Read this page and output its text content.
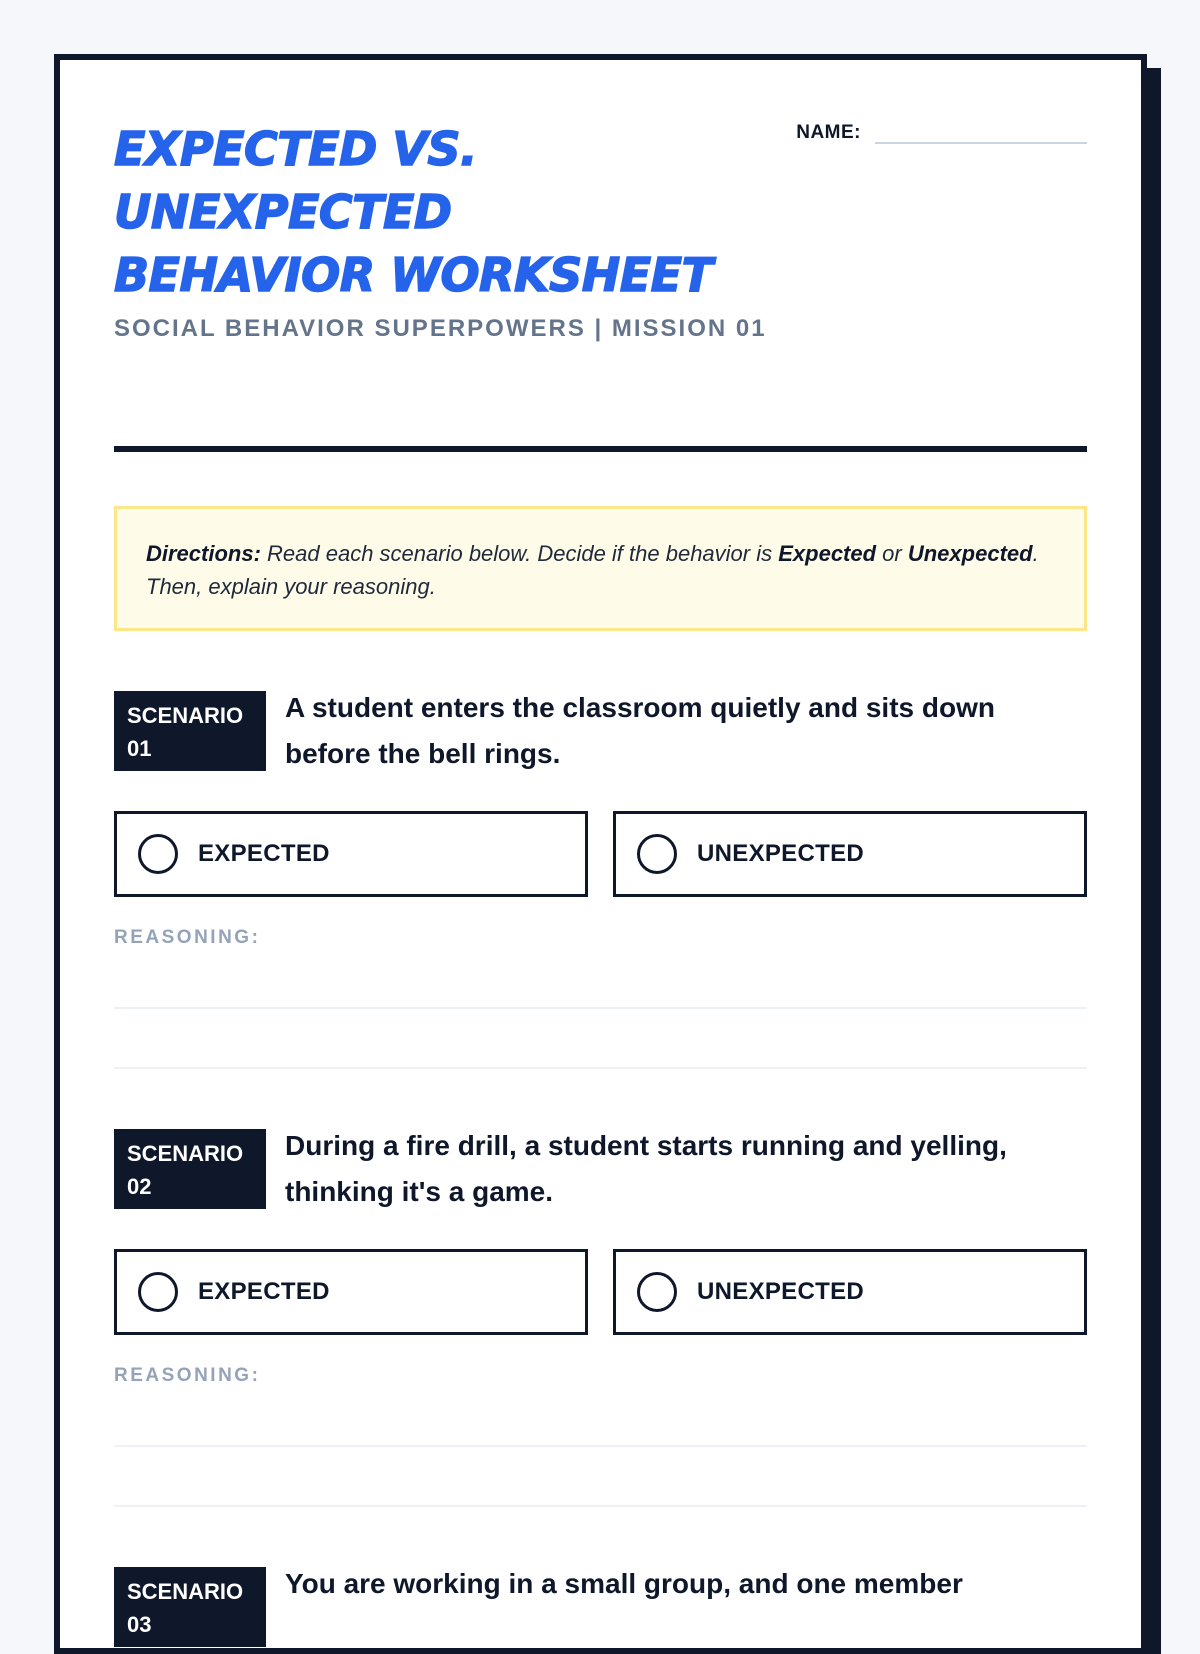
EXPECTED VS.
UNEXPECTED
BEHAVIOR WORKSHEET
SOCIAL BEHAVIOR SUPERPOWERS | MISSION 01
NAME:
Directions: Read each scenario below. Decide if the behavior is Expected or Unexpected. Then, explain your reasoning.
SCENARIO
01
A student enters the classroom quietly and sits down before the bell rings.
EXPECTED	UNEXPECTED
REASONING:
SCENARIO
02
During a fire drill, a student starts running and yelling, thinking it's a game.
EXPECTED	UNEXPECTED
REASONING:
SCENARIO
03
You are working in a small group, and one member
